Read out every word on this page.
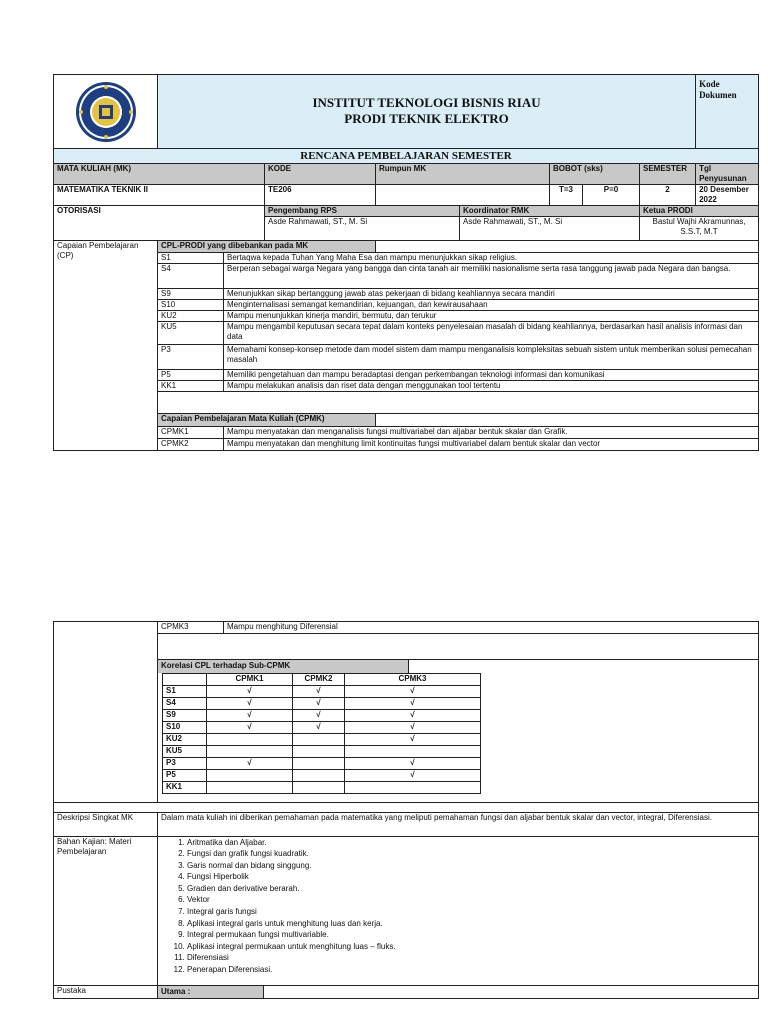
INSTITUT TEKNOLOGI BISNIS RIAU
PRODI TEKNIK ELEKTRO								Kode Dokumen
RENCANA PEMBELAJARAN SEMESTER									
MATA KULIAH (MK)			KODE	Rumpun MK		BOBOT (sks)		SEMESTER	Tgl Penyusunan
MATEMATIKA TEKNIK II			TE206			T=3	P=0	2	20 Desember 2022
OTORISASI			Pengembang RPS		Koordinator RMK			Ketua PRODI	
			Asde Rahmawati, ST., M. Si		Asde Rahmawati, ST., M. Si			Bastul Wajhi Akramunnas, S.S.T, M.T	
Capaian Pembelajaran (CP)	CPL-PRODI yang dibebankan pada MK								
	S1	Bertaqwa kepada Tuhan Yang Maha Esa dan mampu menunjukkan sikap religius.							
	S4	Berperan sebagai warga Negara yang bangga dan cinta tanah air memiliki nasionalisme serta rasa tanggung jawab pada Negara dan bangsa.							
	S9	Menunjukkan sikap bertanggung jawab atas pekerjaan di bidang keahliannya secara mandiri							
	S10	Menginternalisasi semangat kemandirian, kejuangan, dan kewirausahaan							
	KU2	Mampu menunjukkan kinerja mandiri, bermutu, dan terukur							
	KU5	Mampu mengambil keputusan secara tepat dalam konteks penyelesaian masalah di bidang keahliannya, berdasarkan hasil analisis informasi dan data							
	P3	Memahami konsep-konsep metode dam model sistem dam mampu menganalisis kompleksitas sebuah sistem untuk memberikan solusi pemecahan masalah							
	P5	Memiliki pengetahuan dan mampu beradaptasi dengan perkembangan teknologi informasi dan komunikasi							
	KK1	Mampu melakukan analisis dan riset data dengan menggunakan tool tertentu							

	Capaian Pembelajaran Mata Kuliah (CPMK)								
	CPMK1	Mampu menyatakan dan menganalisis fungsi multivariabel dan aljabar bentuk skalar dan Grafik.							
	CPMK2	Mampu menyatakan dan menghitung limit kontinuitas fungsi multivariabel dalam bentuk skalar dan vector							
	CPMK3	Mampu menghitung Diferensial

Korelasi CPL terhadap Sub-CPMK

	CPMK1	CPMK2	CPMK3
S1	√	√	√
S4	√	√	√
S9	√	√	√
S10	√	√	√
KU2			√
KU5			
P3	√		√
P5			√
KK1			

Deskripsi Singkat MK	Dalam mata kuliah ini diberikan pemahaman pada matematika yang meliputi pemahaman fungsi dan aljabar bentuk skalar dan vector, integral, Diferensiasi.
Bahan Kajian: Materi Pembelajaran	
1. Aritmatika dan Aljabar.
2. Fungsi dan grafik fungsi kuadratik.
3. Garis normal dan bidang singgung.
4. Fungsi Hiperbolik
5. Gradien dan derivative berarah.
6. Vektor
7. Integral garis fungsi
8. Aplikasi integral garis untuk menghitung luas dan kerja.
9. Integral permukaan fungsi multivariable.
10. Aplikasi integral permukaan untuk menghitung luas – fluks.
11. Diferensiasi
12. Penerapan Diferensiasi.

Pustaka	Utama :
